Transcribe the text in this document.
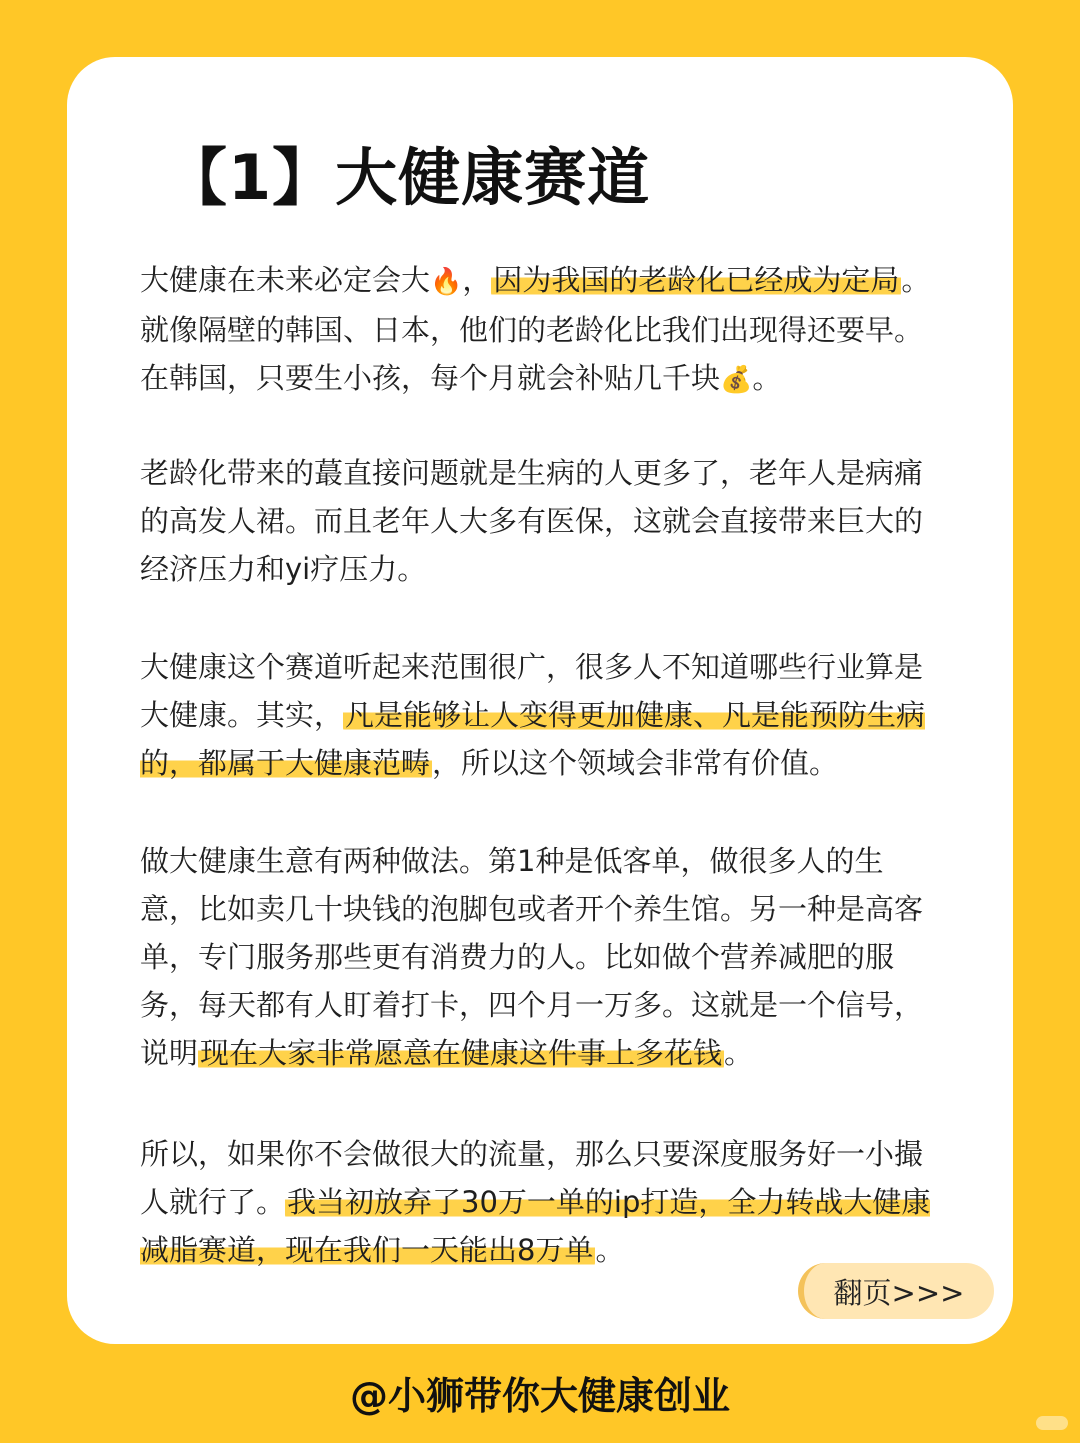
【1】大健康赛道

大健康在未来必定会大🔥，因为我国的老龄化已经成为定局。就像隔壁的韩国、日本，他们的老龄化比我们出现得还要早。在韩国，只要生小孩，每个月就会补贴几千块💰。

老龄化带来的蕞直接问题就是生病的人更多了，老年人是病痛的高发人裙。而且老年人大多有医保，这就会直接带来巨大的经济压力和yi疗压力。

大健康这个赛道听起来范围很广，很多人不知道哪些行业算是大健康。其实，凡是能够让人变得更加健康、凡是能预防生病的，都属于大健康范畴，所以这个领域会非常有价值。

做大健康生意有两种做法。第1种是低客单，做很多人的生意，比如卖几十块钱的泡脚包或者开个养生馆。另一种是高客单，专门服务那些更有消费力的人。比如做个营养减肥的服务，每天都有人盯着打卡，四个月一万多。这就是一个信号，说明现在大家非常愿意在健康这件事上多花钱。

所以，如果你不会做很大的流量，那么只要深度服务好一小撮人就行了。我当初放弃了30万一单的ip打造，全力转战大健康减脂赛道，现在我们一天能出8万单。

翻页>>>
@小狮带你大健康创业
